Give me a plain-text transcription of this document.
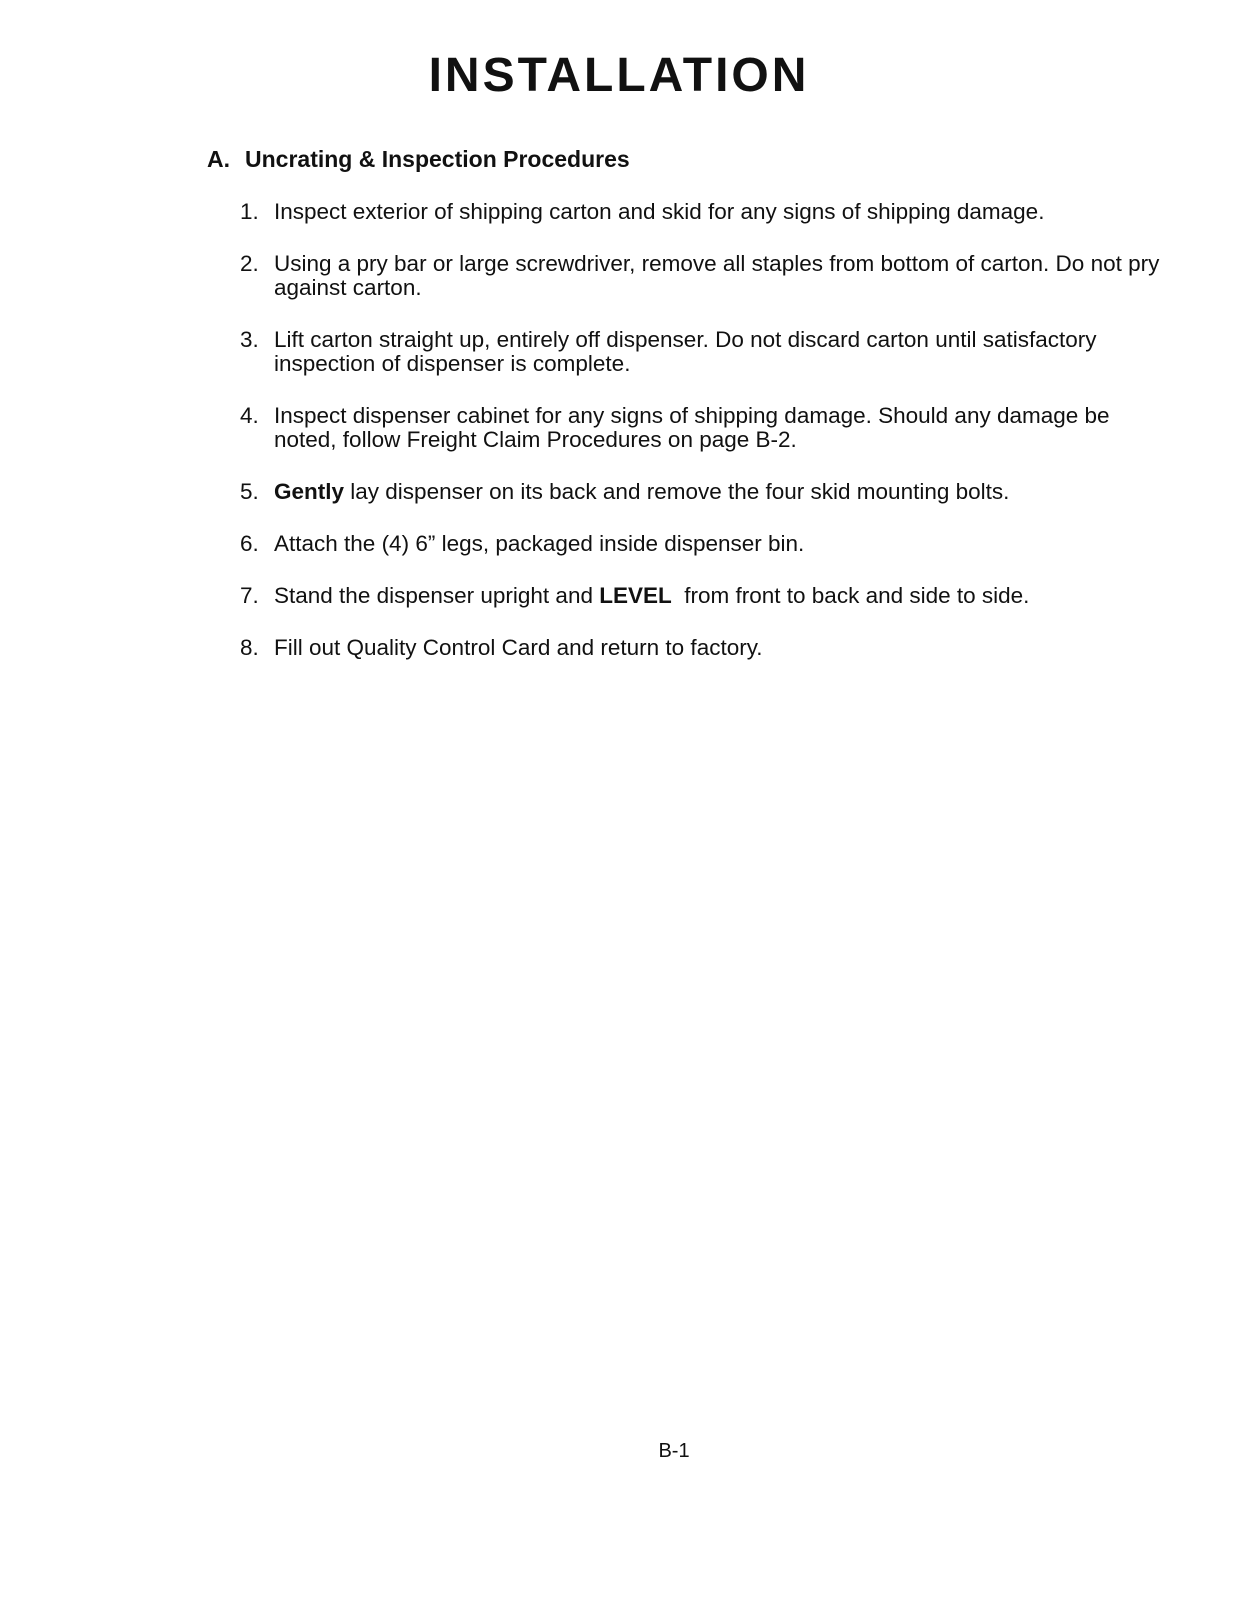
INSTALLATION
A. Uncrating & Inspection Procedures
1. Inspect exterior of shipping carton and skid for any signs of shipping damage.
2. Using a pry bar or large screwdriver, remove all staples from bottom of carton. Do not pry against carton.
3. Lift carton straight up, entirely off dispenser. Do not discard carton until satisfactory inspection of dispenser is complete.
4. Inspect dispenser cabinet for any signs of shipping damage. Should any damage be noted, follow Freight Claim Procedures on page B-2.
5. Gently lay dispenser on its back and remove the four skid mounting bolts.
6. Attach the (4) 6” legs, packaged inside dispenser bin.
7. Stand the dispenser upright and LEVEL  from front to back and side to side.
8. Fill out Quality Control Card and return to factory.
B-1
